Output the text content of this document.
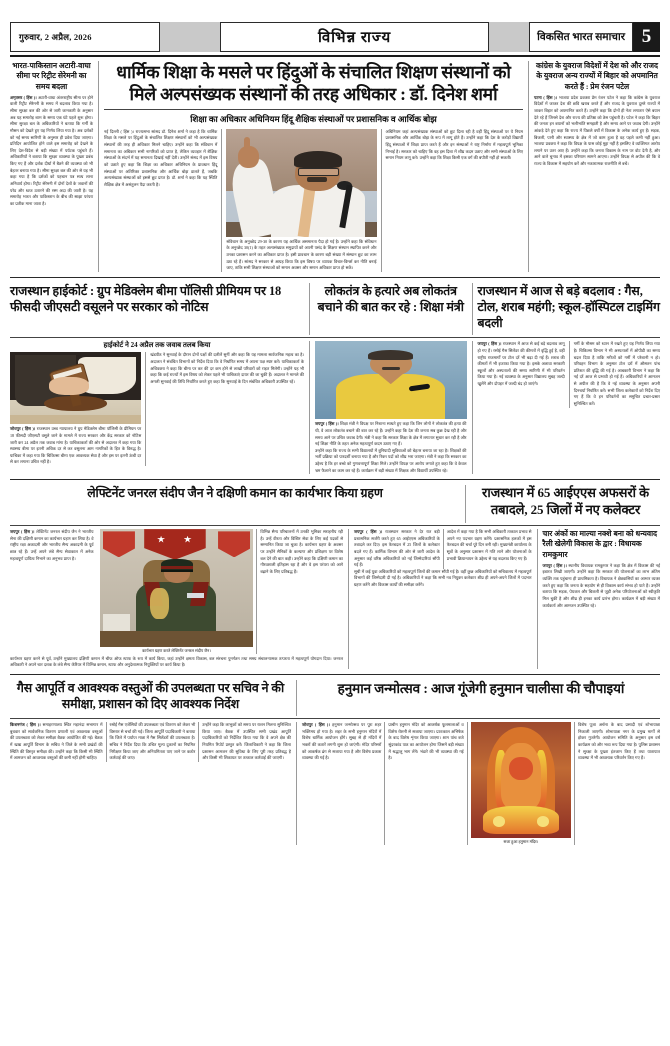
गुरुवार, 2 अप्रैल, 2026	विभिन्न राज्य	विकसित भारत समाचार 5
भारत-पाकिस्तान अटारी-वाघा सीमा पर रिट्रीट सेरेमनी का समय बदला

अमृतसर ( हिंस )। अटारी-वाघा अंतरराष्ट्रीय सीमा पर होने वाली रिट्रीट सेरेमनी के समय में बदलाव किया गया है। सीमा सुरक्षा बल की ओर से जारी जानकारी के अनुसार अब यह समारोह शाम के समय एक घंटे पहले शुरू होगा। सीमा सुरक्षा बल के अधिकारियों ने बताया कि गर्मी के मौसम को देखते हुए यह निर्णय लिया गया है। अब दर्शकों को नई समय सारिणी के अनुसार ही प्रवेश दिया जाएगा। प्रतिदिन आयोजित होने वाले इस समारोह को देखने के लिए देश-विदेश से बड़ी संख्या में पर्यटक पहुंचते हैं। अधिकारियों ने बताया कि सुरक्षा व्यवस्था के पुख्ता प्रबंध किए गए हैं और दर्शक दीर्घा में बैठने की व्यवस्था को भी बेहतर बनाया गया है। सीमा सुरक्षा बल की ओर से यह भी कहा गया है कि दर्शकों को पहचान पत्र साथ लाना अनिवार्य होगा। रिट्रीट सेरेमनी में दोनों देशों के जवानों की परेड और ध्वज उतारने की रस्म अदा की जाती है। यह समारोह भारत और पाकिस्तान के बीच की साझा परंपरा का प्रतीक माना जाता है।

धार्मिक शिक्षा के मसले पर हिंदुओं के संचालित शिक्षण संस्थानों को मिले अल्पसंख्यक संस्थानों की तरह अधिकार : डॉ. दिनेश शर्मा
शिक्षा का अधिकार अधिनियम हिंदू शैक्षिक संस्थाओं पर प्रशासनिक व आर्थिक बोझ
नई दिल्ली ( हिंस )। राज्यसभा सांसद डॉ. दिनेश शर्मा ने कहा है कि धार्मिक शिक्षा के मसले पर हिंदुओं के संचालित शिक्षण संस्थानों को भी अल्पसंख्यक संस्थानों की तरह ही अधिकार मिलने चाहिए। उन्होंने कहा कि संविधान में समानता का अधिकार सभी नागरिकों को प्राप्त है, लेकिन व्यवहार में शैक्षिक संस्थाओं के संदर्भ में यह समानता दिखाई नहीं देती। उन्होंने संसद में इस विषय को उठाते हुए कहा कि शिक्षा का अधिकार अधिनियम के प्रावधान हिंदू संस्थाओं पर अतिरिक्त प्रशासनिक और आर्थिक बोझ डालते हैं, जबकि अल्पसंख्यक संस्थाओं को इससे छूट प्राप्त है। डॉ. शर्मा ने कहा कि यह स्थिति शैक्षिक क्षेत्र में असंतुलन पैदा करती है।
संविधान के अनुच्छेद 29-30 के कारण यह आर्थिक असमानता पैदा हो गई है। उन्होंने कहा कि संविधान के अनुच्छेद 30(1) के तहत अल्पसंख्यक समुदायों को अपनी पसंद के शिक्षण संस्थान स्थापित करने और उनका प्रशासन करने का अधिकार प्राप्त है। इसी प्रावधान के कारण बड़ी संख्या में संस्थान छूट का लाभ उठा रहे हैं। सांसद ने सरकार से आग्रह किया कि इस विषय पर व्यापक विचार-विमर्श कर नीति बनाई जाए, ताकि सभी शिक्षण संस्थाओं को समान अवसर और समान अधिकार प्राप्त हो सकें।
अधिनियम जहां अल्पसंख्यक संस्थाओं को छूट दिला रही है वहीं हिंदू संस्थाओं पर ये नियम प्रशासनिक और आर्थिक बोझ के रूप में लागू होते हैं। उन्होंने कहा कि देश के करोड़ों विद्यार्थी हिंदू संस्थाओं में शिक्षा प्राप्त करते हैं और इन संस्थाओं ने राष्ट्र निर्माण में महत्वपूर्ण भूमिका निभाई है। सरकार को चाहिए कि वह इस दिशा में शीघ्र कदम उठाए और सभी संस्थाओं के लिए समान नियम लागू करे। उन्होंने कहा कि शिक्षा किसी एक वर्ग की बपौती नहीं हो सकती।
कांग्रेस के युवराज विदेशों में देश को और राजद के युवराज अन्य राज्यों में बिहार को अपमानित करते हैं : प्रेम रंजन पटेल

पटना ( हिंस )। भाजपा प्रदेश प्रवक्ता प्रेम रंजन पटेल ने कहा कि कांग्रेस के युवराज विदेशों में जाकर देश की छवि खराब करते हैं और राजद के युवराज दूसरे राज्यों में जाकर बिहार को अपमानित करते हैं। उन्होंने कहा कि दोनों ही नेता लगातार ऐसे बयान देते रहे हैं जिनसे देश और राज्य की प्रतिष्ठा को ठेस पहुंचती है। पटेल ने कहा कि बिहार की जनता इन बयानों को भलीभांति समझती है और समय आने पर जवाब देगी। उन्होंने आंकड़े देते हुए कहा कि राज्य में पिछले वर्षों में विकास के अनेक कार्य हुए हैं। सड़क, बिजली, पानी और स्वास्थ्य के क्षेत्र में जो काम हुआ है वह पहले कभी नहीं हुआ। भाजपा प्रवक्ता ने कहा कि विपक्ष के पास कोई मुद्दा नहीं है इसलिए वे व्यक्तिगत आरोप लगाने पर उतर आए हैं। उन्होंने कहा कि जनता विकास के नाम पर वोट देती है, और आने वाले चुनाव में इसका परिणाम सामने आएगा। उन्होंने विपक्ष से अपील की कि वे राज्य के विकास में सहयोग करें और नकारात्मक राजनीति से बचें।

राजस्थान हाईकोर्ट : ग्रुप मेडिक्लेम बीमा पॉलिसी प्रीमियम पर 18 फीसदी जीएसटी वसूलने पर सरकार को नोटिस
लोकतंत्र के हत्यारे अब लोकतंत्र बचाने की बात कर रहे : शिक्षा मंत्री
राजस्थान में आज से बड़े बदलाव : गैस, टोल, शराब महंगी; स्कूल-हॉस्पिटल टाइमिंग बदली
हाईकोर्ट ने 24 अप्रैल तक जवाब तलब किया
जोधपुर ( हिंस )। राजस्थान उच्च न्यायालय ने ग्रुप मेडिक्लेम बीमा पॉलिसी के प्रीमियम पर 18 फीसदी जीएसटी वसूले जाने के मामले में राज्य सरकार और केंद्र सरकार को नोटिस जारी कर 24 अप्रैल तक जवाब मांगा है। याचिकाकर्ता की ओर से अदालत में कहा गया कि स्वास्थ्य बीमा पर इतनी अधिक दर से कर वसूलना आम नागरिकों के हित के विरुद्ध है। याचिका में कहा गया कि चिकित्सा बीमा एक आवश्यक सेवा है और इस पर इतनी ऊंची दर से कर लगाना उचित नहीं है।
खंडपीठ ने सुनवाई के दौरान दोनों पक्षों की दलीलें सुनीं और कहा कि यह मामला सार्वजनिक महत्व का है। अदालत ने संबंधित विभागों को निर्देश दिया कि वे निर्धारित समय में अपना पक्ष स्पष्ट करें। याचिकाकर्ता के अधिवक्ता ने कहा कि बीमा पर कर की दर कम होने से लाखों परिवारों को राहत मिलेगी। उन्होंने यह भी कहा कि कई राज्यों में इस विषय को लेकर पहले भी याचिकाएं दायर की जा चुकी हैं। अदालत ने मामले की अगली सुनवाई की तिथि निर्धारित करते हुए कहा कि सुनवाई के दिन संबंधित अधिकारी उपस्थित रहें।
जयपुर ( हिंस )। शिक्षा मंत्री ने विपक्ष पर निशाना साधते हुए कहा कि जिन लोगों ने लोकतंत्र की हत्या की थी, वे आज लोकतंत्र बचाने की बात कर रहे हैं। उन्होंने कहा कि देश की जनता सब कुछ देख रही है और समय आने पर उचित जवाब देगी। मंत्री ने कहा कि सरकार शिक्षा के क्षेत्र में लगातार सुधार कर रही है और नई शिक्षा नीति के तहत अनेक महत्वपूर्ण कदम उठाए गए हैं।
उन्होंने कहा कि राज्य के सभी विद्यालयों में बुनियादी सुविधाओं को बेहतर बनाया जा रहा है। शिक्षकों की भर्ती प्रक्रिया को पारदर्शी बनाया गया है और रिक्त पदों को शीघ्र भरा जाएगा। मंत्री ने कहा कि सरकार का उद्देश्य है कि हर बच्चे को गुणवत्तापूर्ण शिक्षा मिले। उन्होंने विपक्ष पर आरोप लगाते हुए कहा कि वे केवल भ्रम फैलाने का काम कर रहे हैं। कार्यक्रम में बड़ी संख्या में शिक्षक और विद्यार्थी उपस्थित रहे।
जयपुर ( हिंस )। राजस्थान में आज से कई बड़े बदलाव लागू हो गए हैं। रसोई गैस सिलेंडर की कीमतों में वृद्धि हुई है, वहीं राष्ट्रीय राजमार्गों पर टोल दरें भी बढ़ा दी गई हैं। शराब की कीमतों में भी इजाफा किया गया है। इसके अलावा सरकारी स्कूलों और अस्पतालों की समय सारिणी में भी परिवर्तन किया गया है। नई व्यवस्था के अनुसार विद्यालय सुबह जल्दी खुलेंगे और दोपहर में जल्दी बंद हो जाएंगे।
गर्मी के मौसम को ध्यान में रखते हुए यह निर्णय लिया गया है। चिकित्सा विभाग ने भी अस्पतालों में ओपीडी का समय बदल दिया है ताकि मरीजों को गर्मी में परेशानी न हो। परिवहन विभाग के अनुसार टोल दरों में औसतन पांच प्रतिशत की वृद्धि की गई है। आबकारी विभाग ने कहा कि नई दरें आज से प्रभावी हो गई हैं। अधिकारियों ने आमजन से अपील की है कि वे नई व्यवस्था के अनुसार अपनी दिनचर्या निर्धारित करें। सभी जिला कलेक्टरों को निर्देश दिए गए हैं कि वे इन परिवर्तनों का समुचित प्रचार-प्रसार सुनिश्चित करें।
लेफ्टिनेंट जनरल संदीप जैन ने दक्षिणी कमान का कार्यभार किया ग्रहण	राजस्थान में 65 आईएएस अफसरों के तबादले, 25 जिलों में नए कलेक्टर
जयपुर ( हिंस )। लेफ्टिनेंट जनरल संदीप जैन ने भारतीय सेना की दक्षिणी कमान का कार्यभार ग्रहण कर लिया है। वे राष्ट्रीय रक्षा अकादमी और भारतीय सैन्य अकादमी के पूर्व छात्र रहे हैं। उन्हें अपने लंबे सैन्य सेवाकाल में अनेक महत्वपूर्ण दायित्व निभाने का अनुभव प्राप्त है।
कार्यभार ग्रहण करते लेफ्टिनेंट जनरल संदीप जैन।
विभिन्न सैन्य परिचालनों में उनकी भूमिका सराहनीय रही है। उन्हें वीरता और विशिष्ट सेवा के लिए कई पदकों से सम्मानित किया जा चुका है। कार्यभार ग्रहण के अवसर पर उन्होंने सैनिकों के कल्याण और प्रशिक्षण पर विशेष बल देने की बात कही। उन्होंने कहा कि दक्षिणी कमान का गौरवशाली इतिहास रहा है और वे इस परंपरा को आगे बढ़ाने के लिए प्रतिबद्ध हैं।
कार्यभार ग्रहण करने से पूर्व, उन्होंने मुख्यालय दक्षिणी कमान में चीफ ऑफ स्टाफ के रूप में कार्य किया, जहां उन्होंने क्षमता विकास, बल संरचना पुनर्गठन तथा समग्र संचालनात्मक तत्परता में महत्वपूर्ण योगदान दिया। जनरल अधिकारी ने अपने चार दशक के लंबे सैन्य कॅरियर में विभिन्न कमान, स्टाफ और अनुदेशात्मक नियुक्तियों पर कार्य किया है।
जयपुर ( हिंस )। राजस्थान सरकार ने देर रात बड़ी प्रशासनिक सर्जरी करते हुए 65 आईएएस अधिकारियों के तबादले कर दिए। इस फेरबदल में 25 जिलों के कलेक्टर बदले गए हैं। कार्मिक विभाग की ओर से जारी आदेश के अनुसार कई वरिष्ठ अधिकारियों को नई जिम्मेदारियां सौंपी गई हैं।
आदेश में कहा गया है कि सभी अधिकारी तत्काल प्रभाव से अपने नए पदभार ग्रहण करेंगे। प्रशासनिक हलकों में इस फेरबदल की चर्चा पूरे दिन बनी रही। मुख्यमंत्री कार्यालय के सूत्रों के अनुसार प्रशासन में गति लाने और योजनाओं के प्रभावी क्रियान्वयन के उद्देश्य से यह बदलाव किए गए हैं।
सूची में कई युवा अधिकारियों को महत्वपूर्ण जिलों की कमान सौंपी गई है। वहीं कुछ अधिकारियों को सचिवालय में महत्वपूर्ण विभागों की जिम्मेदारी दी गई है। अधिकारियों ने कहा कि सभी नव नियुक्त कलेक्टर शीघ्र ही अपने-अपने जिलों में पदभार ग्रहण करेंगे और विकास कार्यों की समीक्षा करेंगे।
चार अंकों का माल्या नक्शे बना को धन्यवाद रैली खेलेगी विकास के द्वार : विधायक रामकुमार
जयपुर ( हिंस )। स्थानीय विधायक रामकुमार ने कहा कि क्षेत्र में विकास की नई इबारत लिखी जाएगी। उन्होंने कहा कि सरकार की योजनाओं का लाभ अंतिम व्यक्ति तक पहुंचाना ही प्राथमिकता है। विधायक ने क्षेत्रवासियों का आभार व्यक्त करते हुए कहा कि जनता के सहयोग से ही विकास कार्य संभव हो पाते हैं। उन्होंने बताया कि सड़क, पेयजल और बिजली से जुड़ी अनेक परियोजनाओं को स्वीकृति मिल चुकी है और शीघ्र ही इनका कार्य प्रारंभ होगा। कार्यक्रम में बड़ी संख्या में कार्यकर्ता और आमजन उपस्थित रहे।
गैस आपूर्ति व आवश्यक वस्तुओं की उपलब्धता पर सचिव ने की समीक्षा, प्रशासन को दिए आवश्यक निर्देश
हनुमान जन्मोत्सव : आज गूंजेगी हनुमान चालीसा की चौपाइयां
किशनगंज ( हिंस )। समाहरणालय स्थित महानंदा सभागार में बुधवार को सार्वजनिक वितरण प्रणाली एवं आवश्यक वस्तुओं की उपलब्धता को लेकर समीक्षा बैठक आयोजित की गई। बैठक में खाद्य आपूर्ति विभाग के सचिव ने जिले के सभी प्रखंडों की स्थिति की विस्तृत समीक्षा की। उन्होंने कहा कि किसी भी स्थिति में आमजन को आवश्यक वस्तुओं की कमी नहीं होनी चाहिए।
रसोई गैस एजेंसियों की उपलब्धता एवं वितरण को लेकर भी विस्तार से चर्चा की गई। जिला आपूर्ति पदाधिकारी ने बताया कि जिले में पर्याप्त मात्रा में गैस सिलेंडरों की उपलब्धता है। सचिव ने निर्देश दिया कि उचित मूल्य दुकानों का नियमित निरीक्षण किया जाए और अनियमितता पाए जाने पर कठोर कार्रवाई की जाए।
उन्होंने कहा कि लाभुकों को समय पर राशन मिलना सुनिश्चित किया जाए। बैठक में उपस्थित सभी प्रखंड आपूर्ति पदाधिकारियों को निर्देशित किया गया कि वे अपने क्षेत्र की नियमित रिपोर्ट प्रस्तुत करें। जिलाधिकारी ने कहा कि जिला प्रशासन आमजन की सुविधा के लिए पूरी तरह प्रतिबद्ध है और किसी भी शिकायत पर तत्काल कार्रवाई की जाएगी।
जोधपुर ( हिंस )। हनुमान जन्मोत्सव पर पूरा शहर भक्तिमय हो गया है। शहर के सभी हनुमान मंदिरों में विशेष धार्मिक आयोजन होंगे। सुबह से ही मंदिरों में भक्तों की कतारें लगनी शुरू हो जाएंगी। मंदिर परिसरों को आकर्षक ढंग से सजाया गया है और विशेष प्रकाश व्यवस्था की गई है।
प्राचीन हनुमान मंदिर को आकर्षक फूलमालाओं व विशेष रोशनी से सजाया जाएगा। प्रातःकाल अभिषेक के बाद विशेष शृंगार किया जाएगा। शाम पांच बजे सुंदरकांड पाठ का आयोजन होगा जिसमें बड़ी संख्या में श्रद्धालु भाग लेंगे। भंडारे की भी व्यवस्था की गई है।
सजा हुआ हनुमान मंदिर।
विशेष पूजा अर्चना के बाद प्रसादी एवं शोभायात्रा निकाली जाएगी। शोभायात्रा नगर के प्रमुख मार्गों से होकर गुजरेगी। आयोजन समिति के अनुसार इस वर्ष कार्यक्रम को और भव्य रूप दिया गया है। पुलिस प्रशासन ने सुरक्षा के पुख्ता इंतजाम किए हैं तथा यातायात व्यवस्था में भी आवश्यक परिवर्तन किए गए हैं।
